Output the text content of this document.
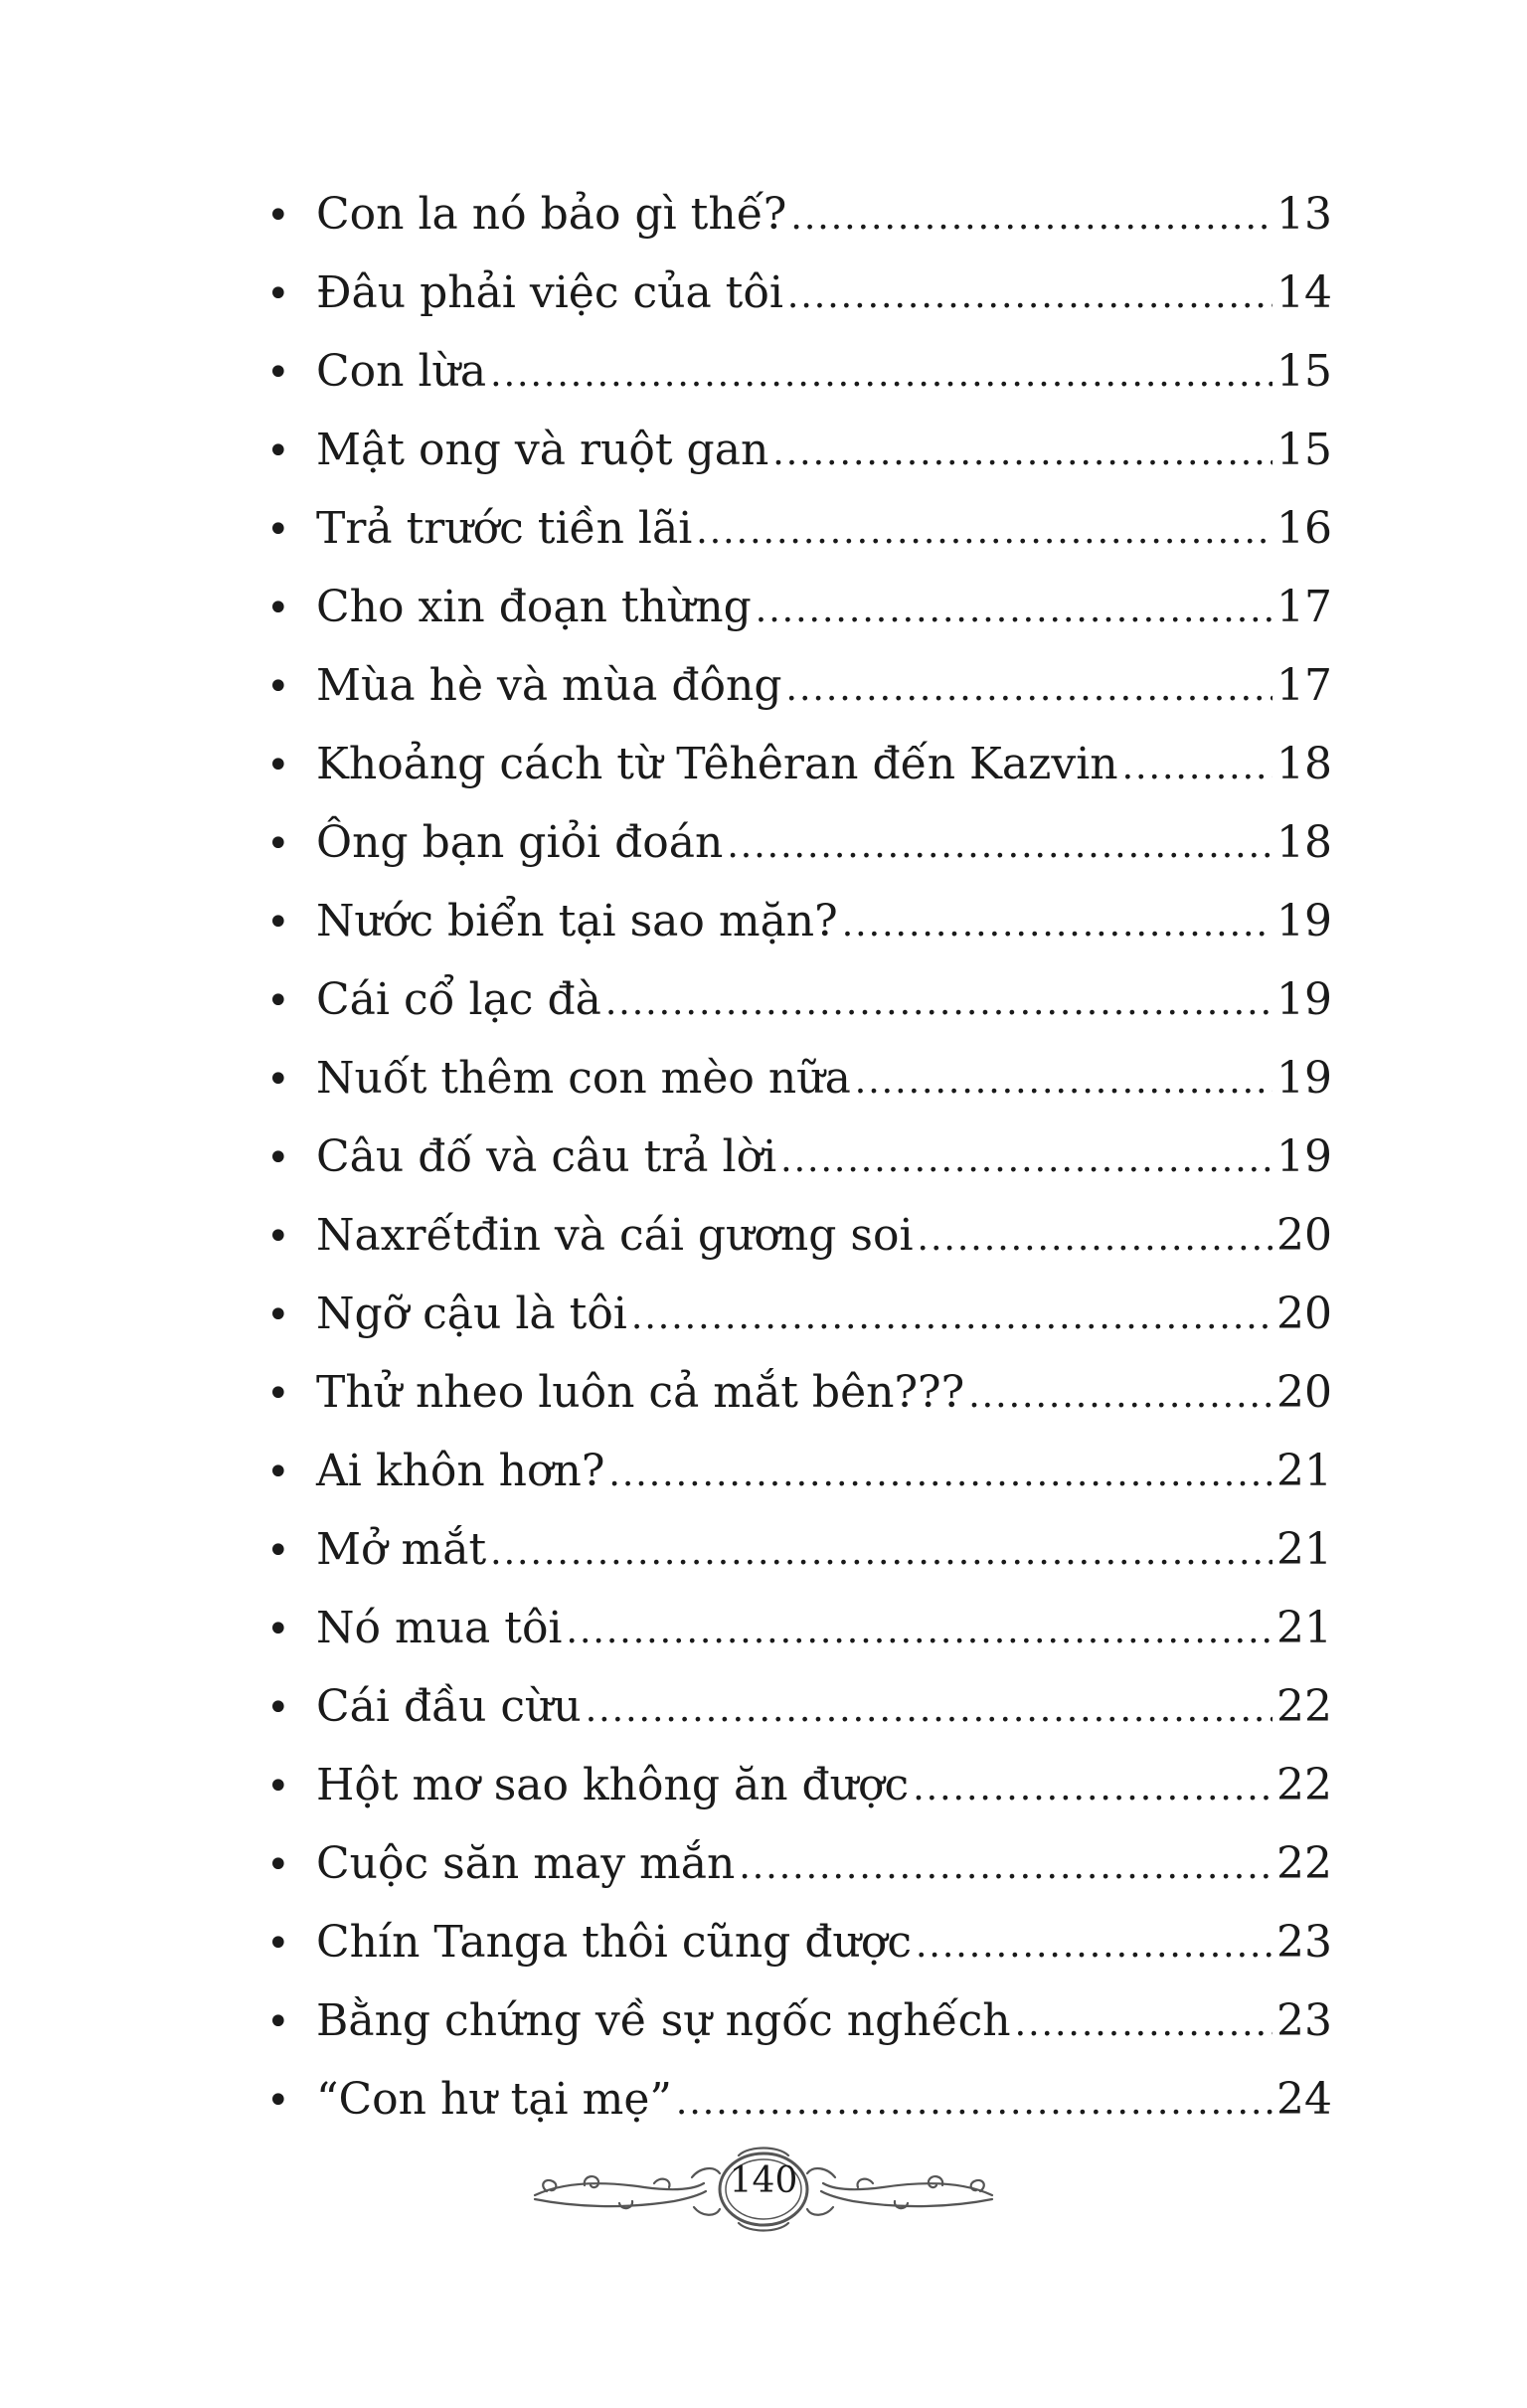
• Con la nó bảo gì thế? .....	13
• Đâu phải việc của tôi .....	14
• Con lừa .....	15
• Mật ong và ruột gan .....	15
• Trả trước tiền lãi .....	16
• Cho xin đoạn thừng .....	17
• Mùa hè và mùa đông .....	17
• Khoảng cách từ Têhêran đến Kazvin .....	18
• Ông bạn giỏi đoán .....	18
• Nước biển tại sao mặn? .....	19
• Cái cổ lạc đà .....	19
• Nuốt thêm con mèo nữa .....	19
• Câu đố và câu trả lời .....	19
• Naxrếtđin và cái gương soi .....	20
• Ngỡ cậu là tôi .....	20
• Thử nheo luôn cả mắt bên??? .....	20
• Ai khôn hơn? .....	21
• Mở mắt .....	21
• Nó mua tôi .....	21
• Cái đầu cừu .....	22
• Hột mơ sao không ăn được .....	22
• Cuộc săn may mắn .....	22
• Chín Tanga thôi cũng được .....	23
• Bằng chứng về sự ngốc nghếch .....	23
• “Con hư tại mẹ” .....	24
140
